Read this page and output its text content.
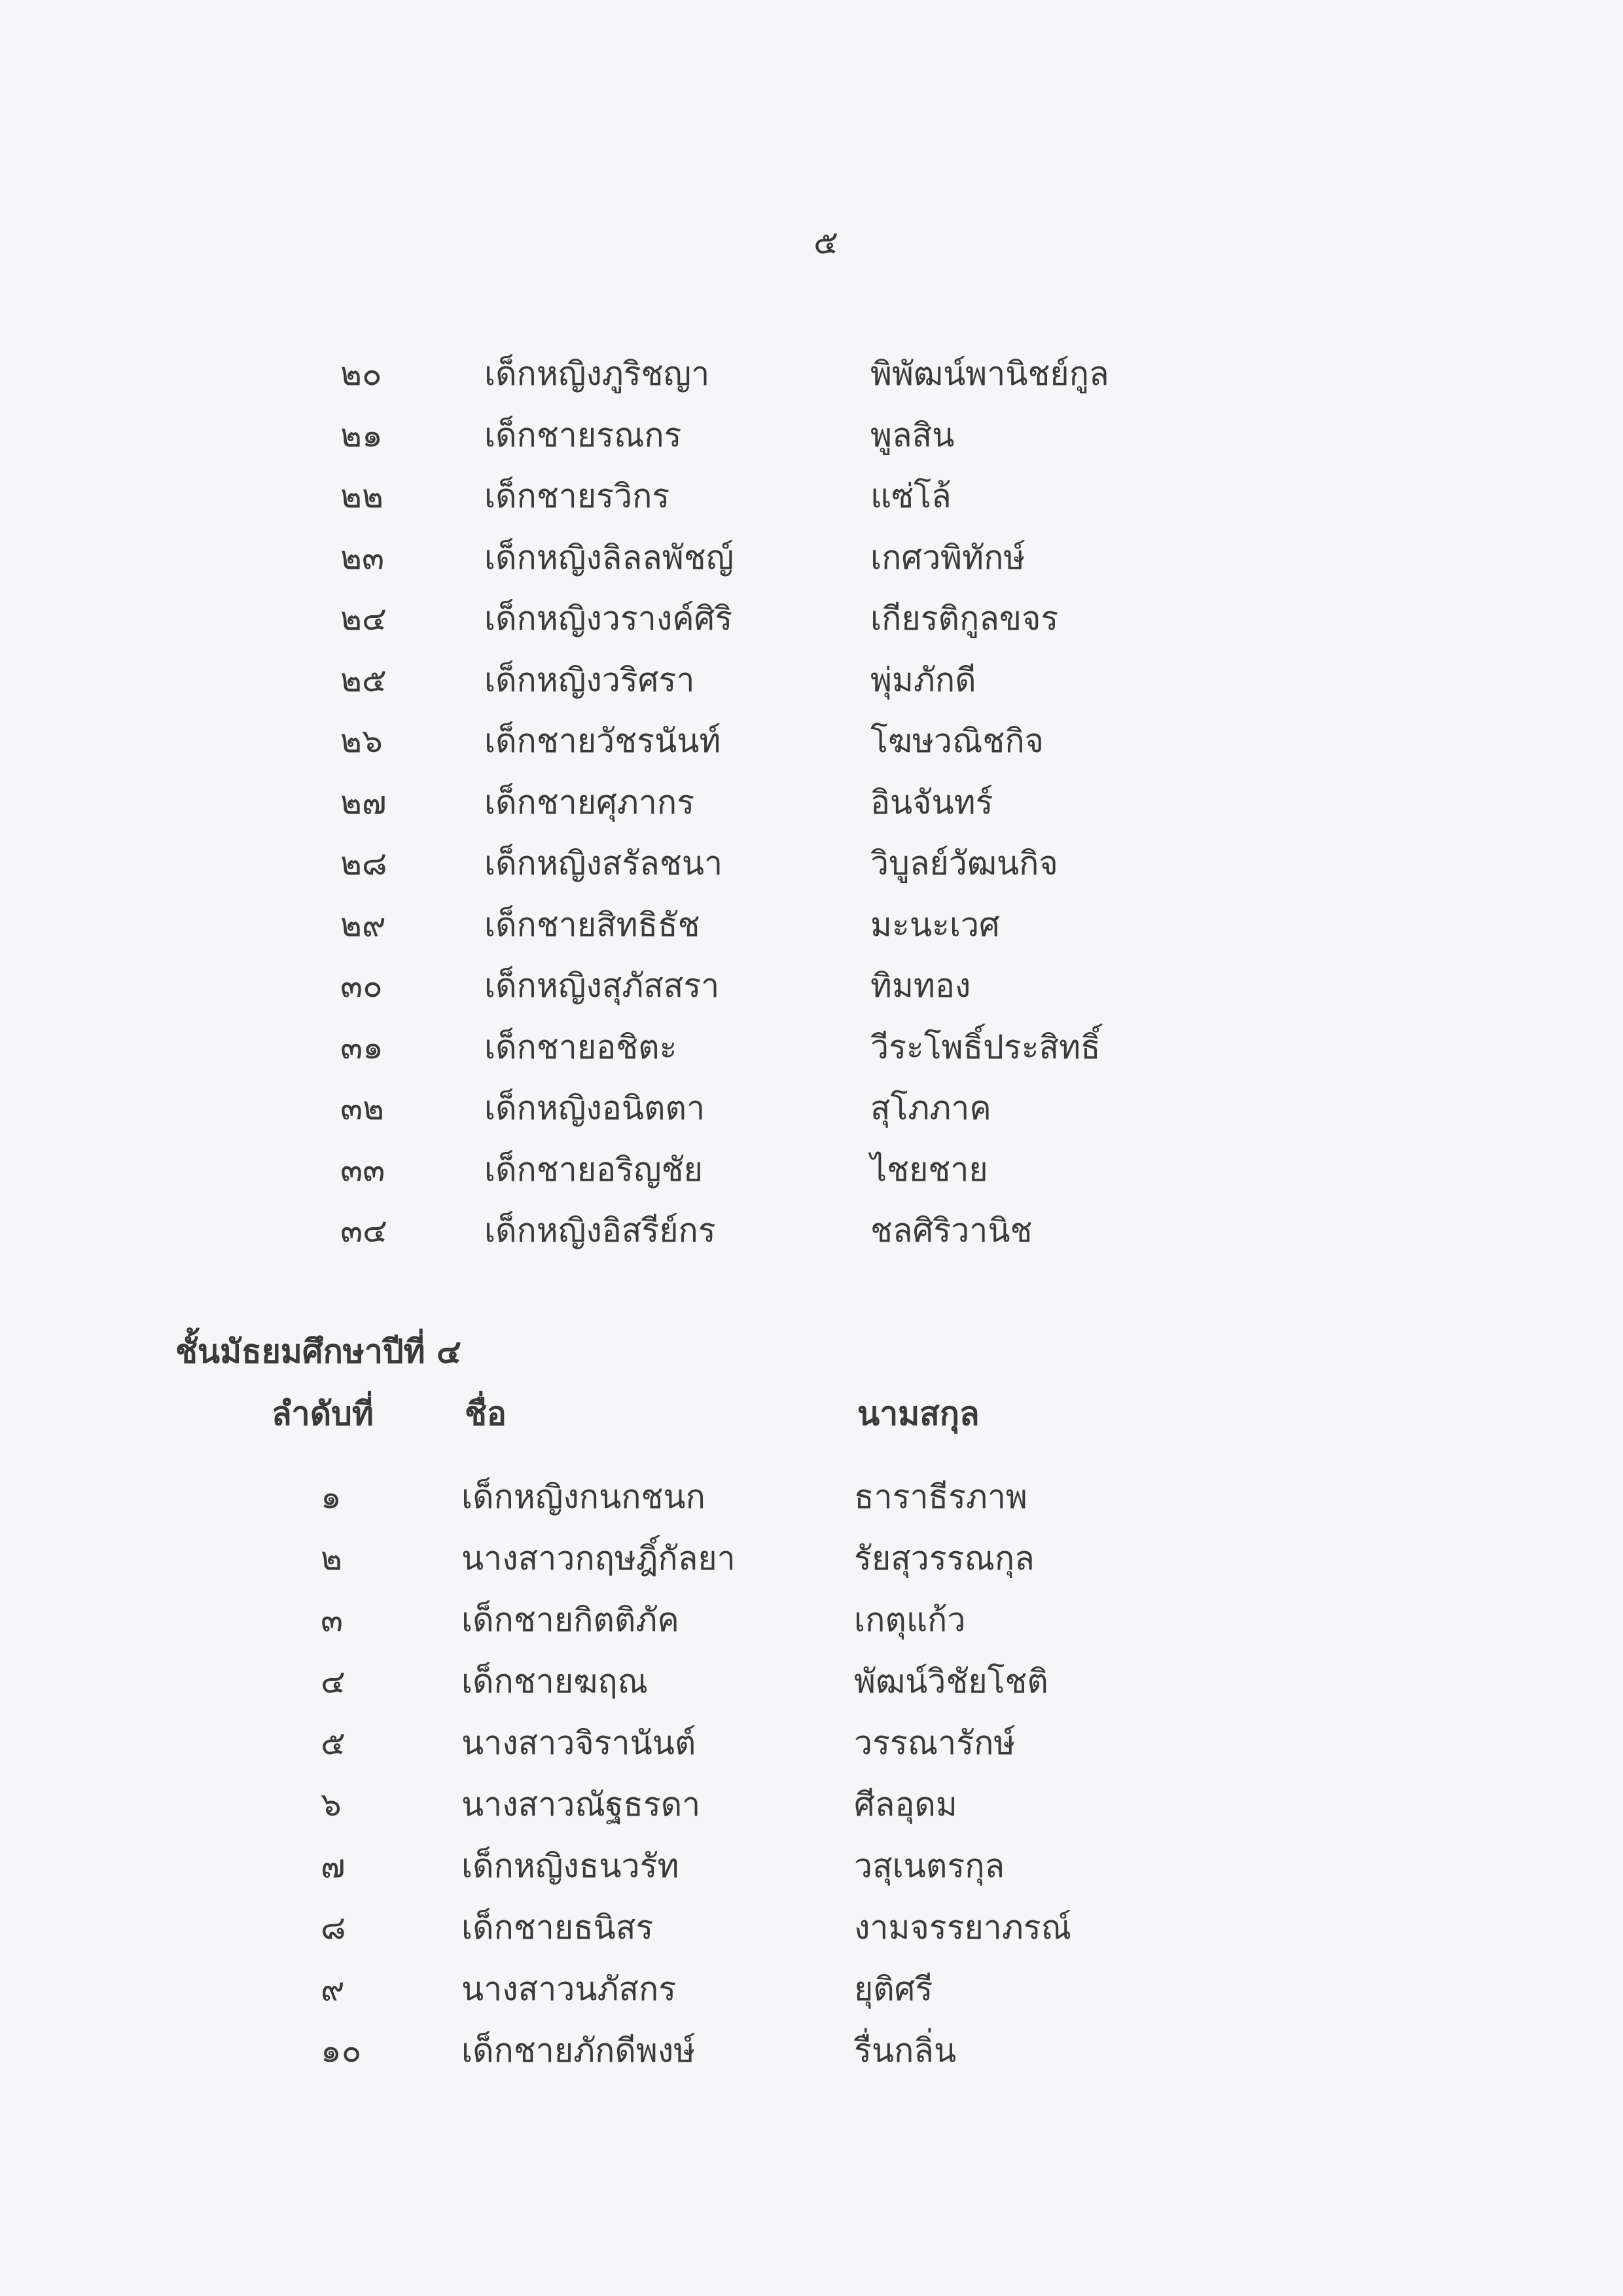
๕
๒๐	เด็กหญิงภูริชญา	พิพัฒน์พานิชย์กูล
๒๑	เด็กชายรณกร	พูลสิน
๒๒	เด็กชายรวิกร	แซ่โล้
๒๓	เด็กหญิงลิลลพัชญ์	เกศวพิทักษ์
๒๔	เด็กหญิงวรางค์ศิริ	เกียรติกูลขจร
๒๕	เด็กหญิงวริศรา	พุ่มภักดี
๒๖	เด็กชายวัชรนันท์	โฆษวณิชกิจ
๒๗	เด็กชายศุภากร	อินจันทร์
๒๘	เด็กหญิงสรัลชนา	วิบูลย์วัฒนกิจ
๒๙	เด็กชายสิทธิธัช	มะนะเวศ
๓๐	เด็กหญิงสุภัสสรา	ทิมทอง
๓๑	เด็กชายอชิตะ	วีระโพธิ์ประสิทธิ์
๓๒	เด็กหญิงอนิตตา	สุโภภาค
๓๓	เด็กชายอริญชัย	ไชยชาย
๓๔	เด็กหญิงอิสรีย์กร	ชลศิริวานิช
ชั้นมัธยมศึกษาปีที่ ๔
ลำดับที่	ชื่อ	นามสกุล
๑	เด็กหญิงกนกชนก	ธาราธีรภาพ
๒	นางสาวกฤษฎิ์กัลยา	รัยสุวรรณกุล
๓	เด็กชายกิตติภัค	เกตุแก้ว
๔	เด็กชายฆฤณ	พัฒน์วิชัยโชติ
๕	นางสาวจิรานันต์	วรรณารักษ์
๖	นางสาวณัฐธรดา	ศีลอุดม
๗	เด็กหญิงธนวรัท	วสุเนตรกุล
๘	เด็กชายธนิสร	งามจรรยาภรณ์
๙	นางสาวนภัสกร	ยุติศรี
๑๐	เด็กชายภักดีพงษ์	รื่นกลิ่น
